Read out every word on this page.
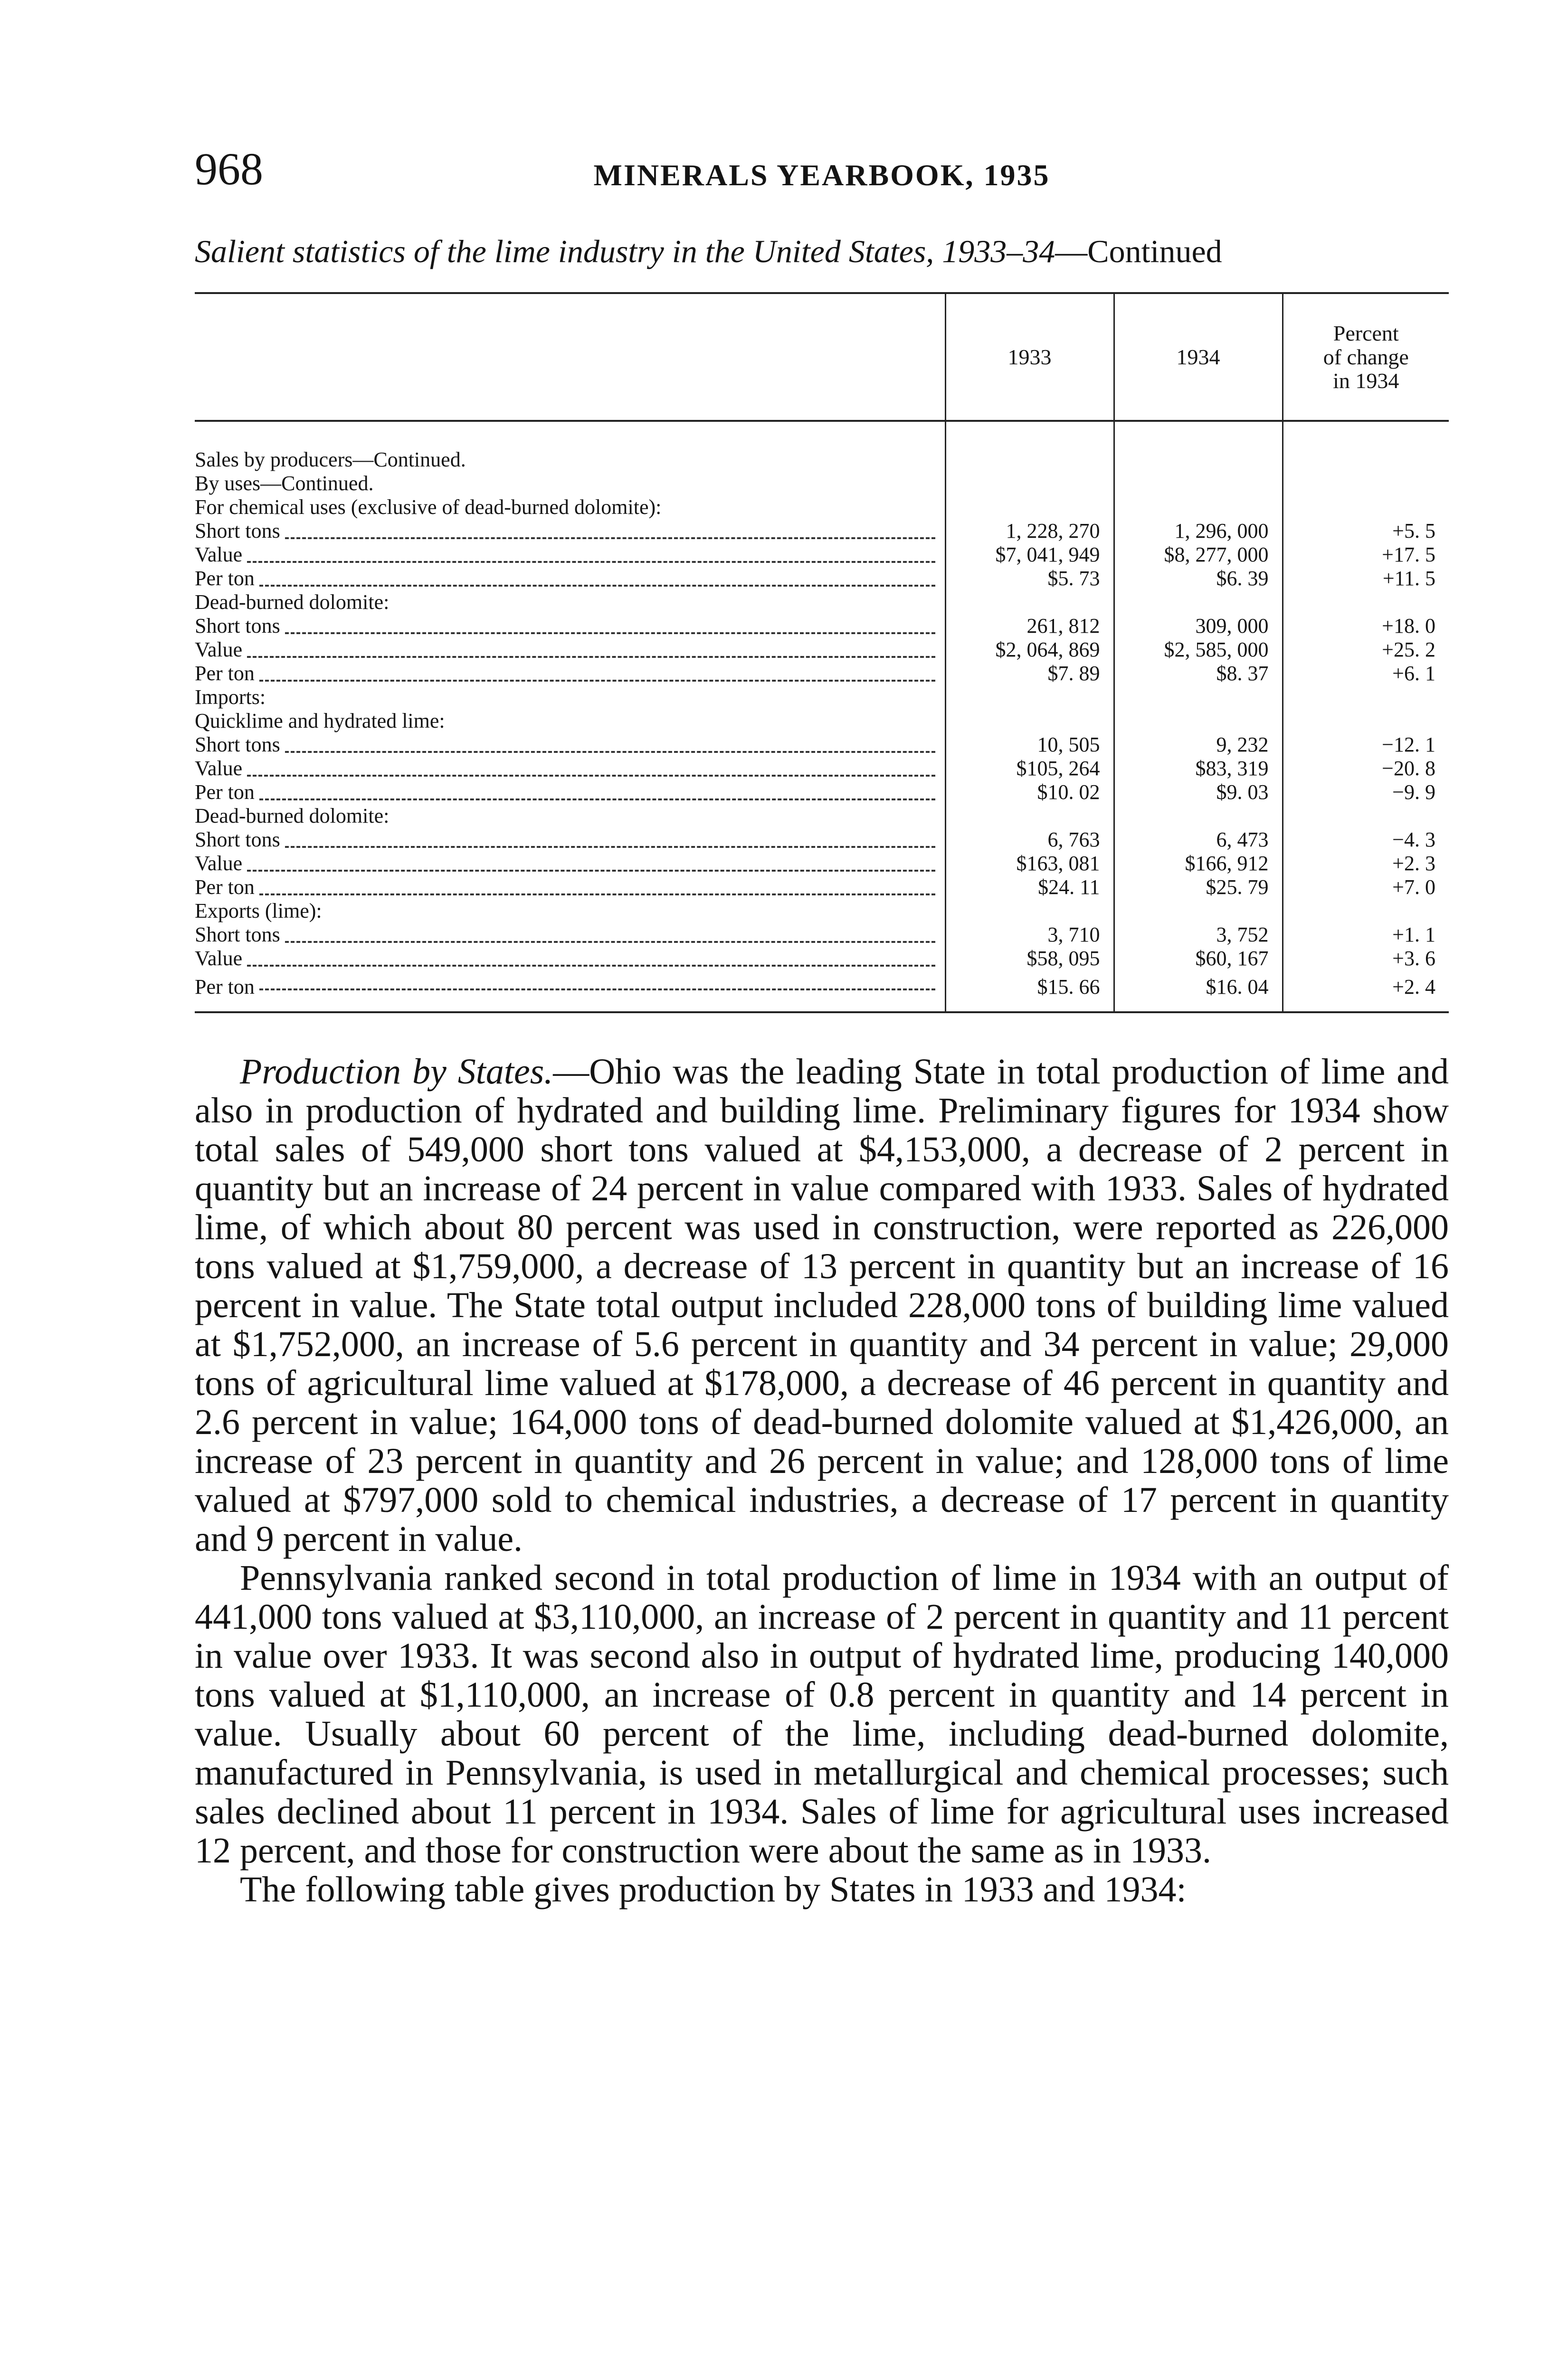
968	MINERALS YEARBOOK, 1935
Salient statistics of the lime industry in the United States, 1933–34—Continued
	1933	1934	Percent
of change
in 1934

Sales by producers—Continued.			
By uses—Continued.			
For chemical uses (exclusive of dead-burned dolomite):			
Short tons	1, 228, 270	1, 296, 000	+5. 5
Value	$7, 041, 949	$8, 277, 000	+17. 5
Per ton	$5. 73	$6. 39	+11. 5
Dead-burned dolomite:			
Short tons	261, 812	309, 000	+18. 0
Value	$2, 064, 869	$2, 585, 000	+25. 2
Per ton	$7. 89	$8. 37	+6. 1
Imports:			
Quicklime and hydrated lime:			
Short tons	10, 505	9, 232	−12. 1
Value	$105, 264	$83, 319	−20. 8
Per ton	$10. 02	$9. 03	−9. 9
Dead-burned dolomite:			
Short tons	6, 763	6, 473	−4. 3
Value	$163, 081	$166, 912	+2. 3
Per ton	$24. 11	$25. 79	+7. 0
Exports (lime):			
Short tons	3, 710	3, 752	+1. 1
Value	$58, 095	$60, 167	+3. 6
Per ton	$15. 66	$16. 04	+2. 4

Production by States.—Ohio was the leading State in total production of lime and also in production of hydrated and building lime. Preliminary figures for 1934 show total sales of 549,000 short tons valued at $4,153,000, a decrease of 2 percent in quantity but an increase of 24 percent in value compared with 1933. Sales of hydrated lime, of which about 80 percent was used in construction, were reported as 226,000 tons valued at $1,759,000, a decrease of 13 percent in quantity but an increase of 16 percent in value. The State total output included 228,000 tons of building lime valued at $1,752,000, an increase of 5.6 percent in quantity and 34 percent in value; 29,000 tons of agricultural lime valued at $178,000, a decrease of 46 percent in quantity and 2.6 percent in value; 164,000 tons of dead-burned dolomite valued at $1,426,000, an increase of 23 percent in quantity and 26 percent in value; and 128,000 tons of lime valued at $797,000 sold to chemical industries, a decrease of 17 percent in quantity and 9 percent in value.

Pennsylvania ranked second in total production of lime in 1934 with an output of 441,000 tons valued at $3,110,000, an increase of 2 percent in quantity and 11 percent in value over 1933. It was second also in output of hydrated lime, producing 140,000 tons valued at $1,110,000, an increase of 0.8 percent in quantity and 14 percent in value. Usually about 60 percent of the lime, including dead-burned dolomite, manufactured in Pennsylvania, is used in metallurgical and chemical processes; such sales declined about 11 percent in 1934. Sales of lime for agricultural uses increased 12 percent, and those for construction were about the same as in 1933.

The following table gives production by States in 1933 and 1934:
